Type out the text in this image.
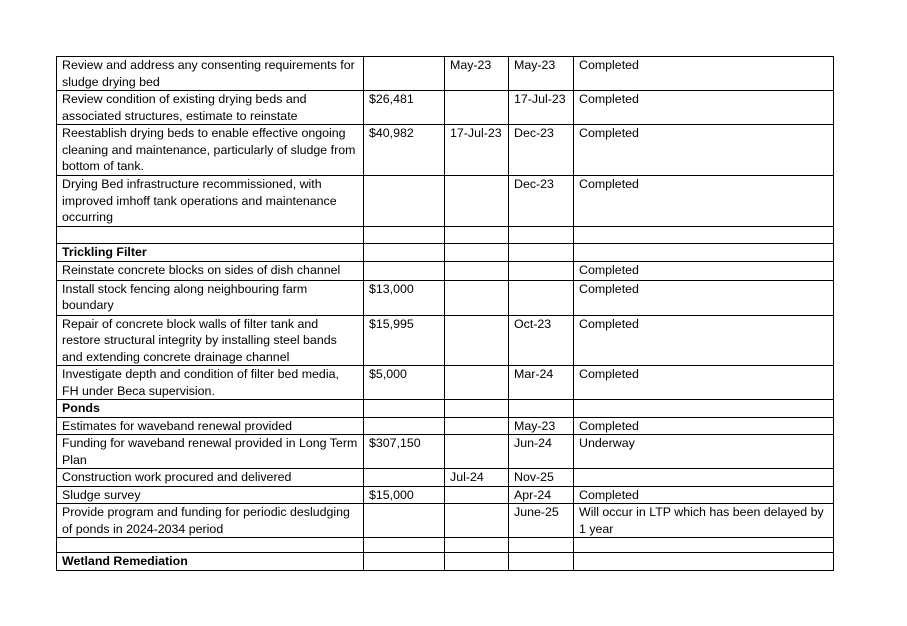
Review and address any consenting requirements for sludge drying bed		May-23	May-23	Completed
Review condition of existing drying beds and associated structures, estimate to reinstate	$26,481		17-Jul-23	Completed
Reestablish drying beds to enable effective ongoing cleaning and maintenance, particularly of sludge from bottom of tank.	$40,982	17-Jul-23	Dec-23	Completed
Drying Bed infrastructure recommissioned, with improved imhoff tank operations and maintenance occurring			Dec-23	Completed

Trickling Filter				
Reinstate concrete blocks on sides of dish channel				Completed
Install stock fencing along neighbouring farm boundary	$13,000			Completed
Repair of concrete block walls of filter tank and restore structural integrity by installing steel bands and extending concrete drainage channel	$15,995		Oct-23	Completed
Investigate depth and condition of filter bed media, FH under Beca supervision.	$5,000		Mar-24	Completed
Ponds				
Estimates for waveband renewal provided			May-23	Completed
Funding for waveband renewal provided in Long Term Plan	$307,150		Jun-24	Underway
Construction work procured and delivered		Jul-24	Nov-25	
Sludge survey	$15,000		Apr-24	Completed
Provide program and funding for periodic desludging of ponds in 2024-2034 period			June-25	Will occur in LTP which has been delayed by 1 year

Wetland Remediation				
